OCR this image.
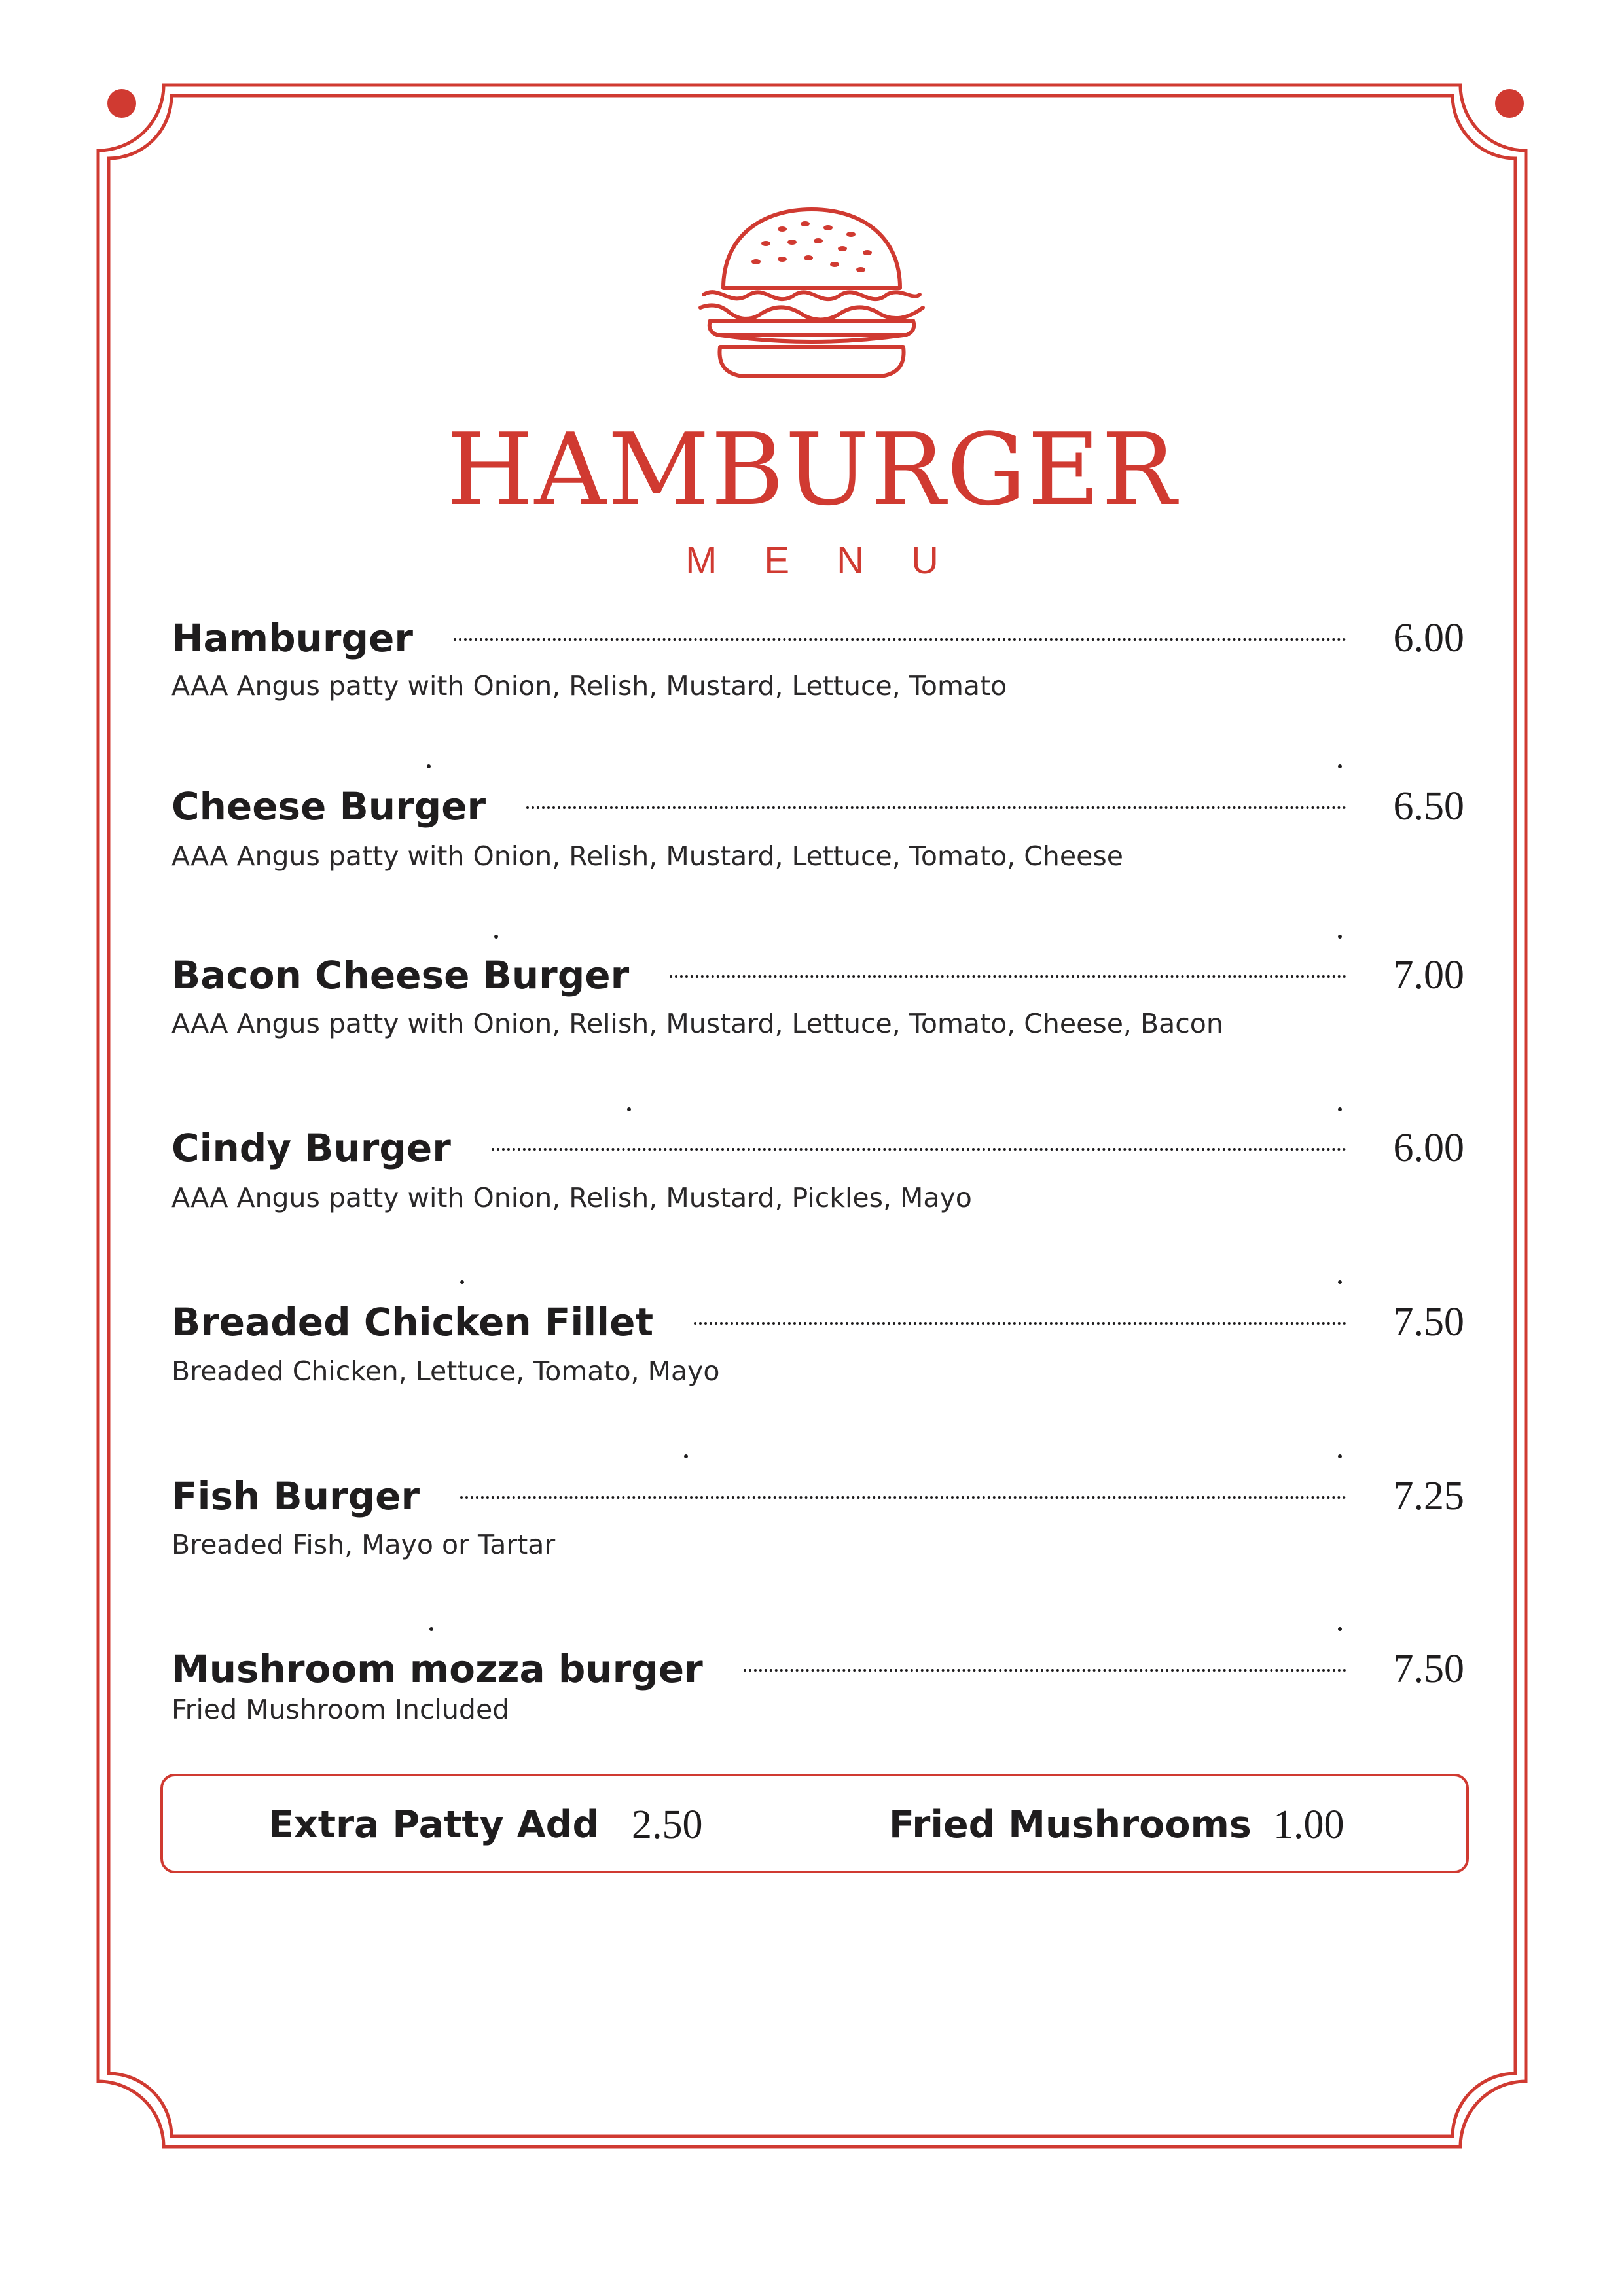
HAMBURGER
MENU
Hamburger	6.00
AAA Angus patty with Onion, Relish, Mustard, Lettuce, Tomato
Cheese Burger	6.50
AAA Angus patty with Onion, Relish, Mustard, Lettuce, Tomato, Cheese
Bacon Cheese Burger	7.00
AAA Angus patty with Onion, Relish, Mustard, Lettuce, Tomato, Cheese, Bacon
Cindy Burger	6.00
AAA Angus patty with Onion, Relish, Mustard, Pickles, Mayo
Breaded Chicken Fillet	7.50
Breaded Chicken, Lettuce, Tomato, Mayo
Fish Burger	7.25
Breaded Fish, Mayo or Tartar
Mushroom mozza burger	7.50
Fried Mushroom Included
Extra Patty Add 2.50	Fried Mushrooms 1.00
